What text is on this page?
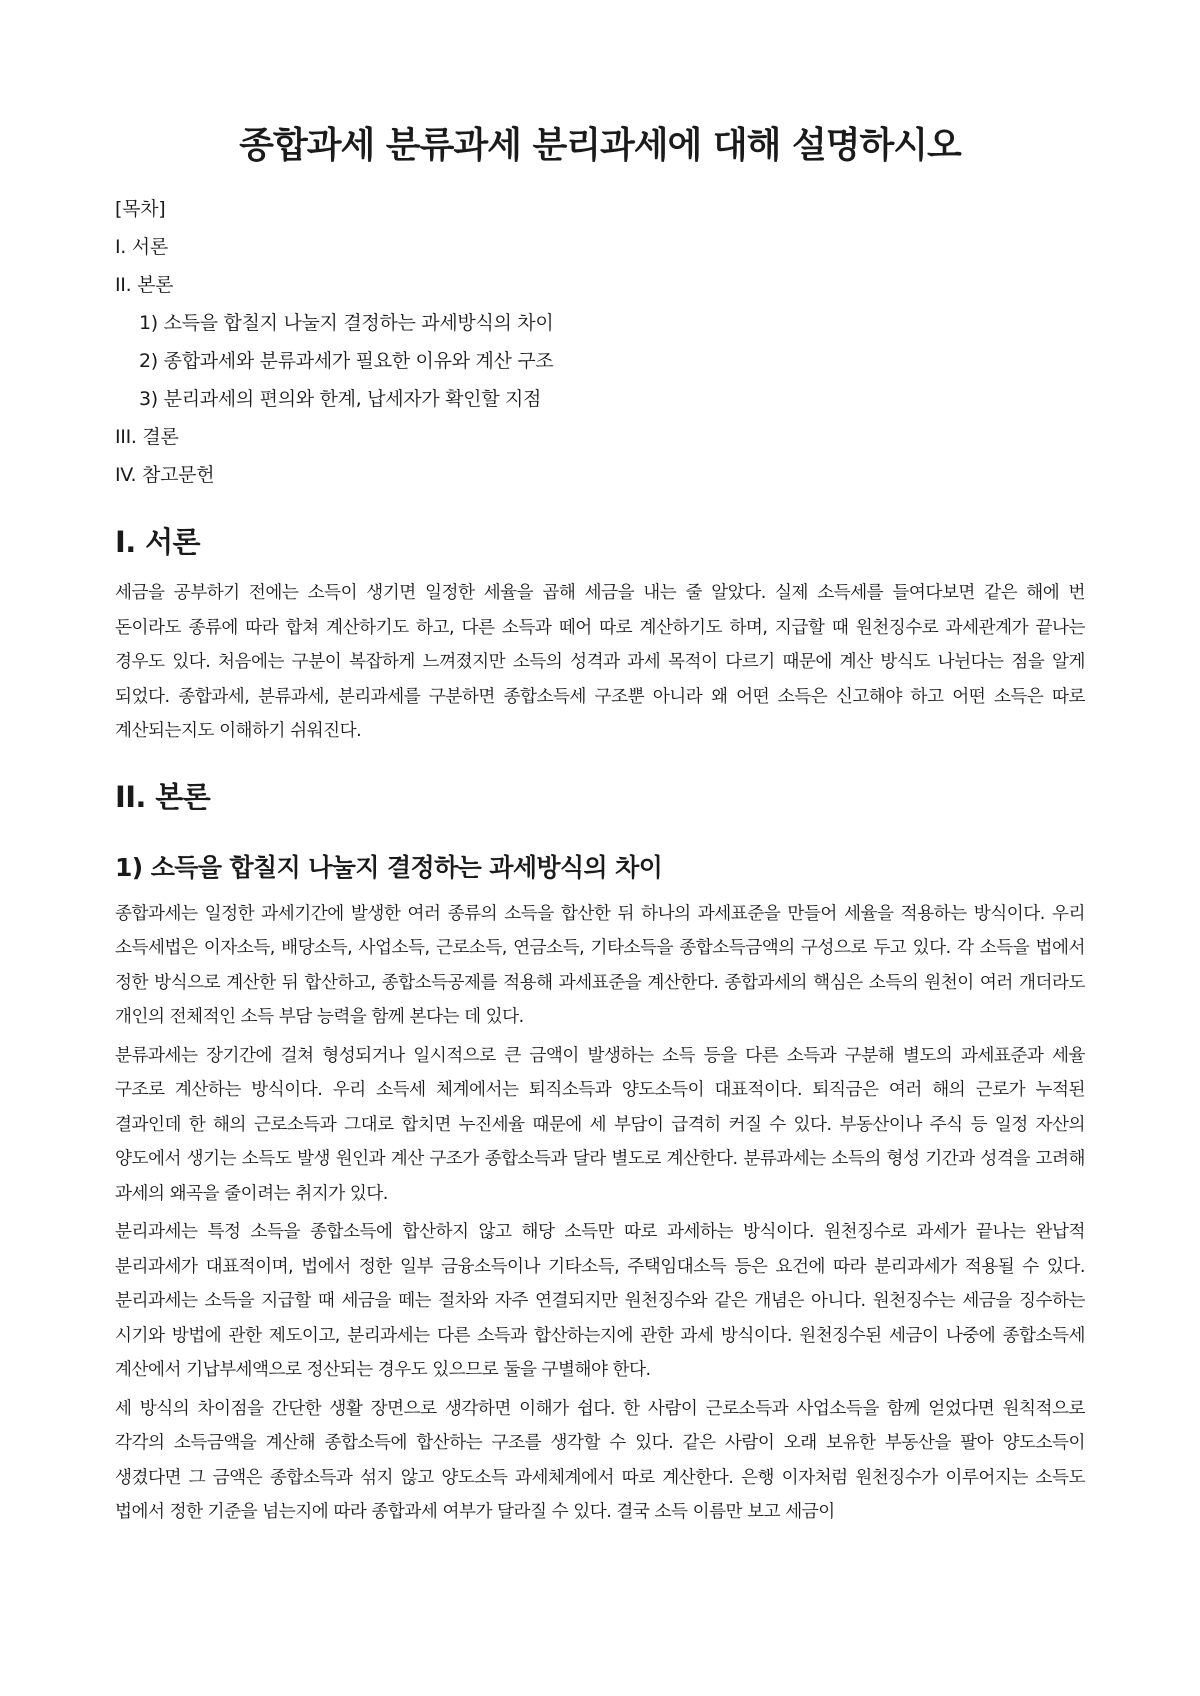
종합과세 분류과세 분리과세에 대해 설명하시오
[목차]
I. 서론
II. 본론
1) 소득을 합칠지 나눌지 결정하는 과세방식의 차이
2) 종합과세와 분류과세가 필요한 이유와 계산 구조
3) 분리과세의 편의와 한계, 납세자가 확인할 지점
III. 결론
IV. 참고문헌
I. 서론

세금을 공부하기 전에는 소득이 생기면 일정한 세율을 곱해 세금을 내는 줄 알았다. 실제 소득세를 들여다보면 같은 해에 번 돈이라도 종류에 따라 합쳐 계산하기도 하고, 다른 소득과 떼어 따로 계산하기도 하며, 지급할 때 원천징수로 과세관계가 끝나는 경우도 있다. 처음에는 구분이 복잡하게 느껴졌지만 소득의 성격과 과세 목적이 다르기 때문에 계산 방식도 나뉜다는 점을 알게 되었다. 종합과세, 분류과세, 분리과세를 구분하면 종합소득세 구조뿐 아니라 왜 어떤 소득은 신고해야 하고 어떤 소득은 따로 계산되는지도 이해하기 쉬워진다.

II. 본론
1) 소득을 합칠지 나눌지 결정하는 과세방식의 차이

종합과세는 일정한 과세기간에 발생한 여러 종류의 소득을 합산한 뒤 하나의 과세표준을 만들어 세율을 적용하는 방식이다. 우리 소득세법은 이자소득, 배당소득, 사업소득, 근로소득, 연금소득, 기타소득을 종합소득금액의 구성으로 두고 있다. 각 소득을 법에서 정한 방식으로 계산한 뒤 합산하고, 종합소득공제를 적용해 과세표준을 계산한다. 종합과세의 핵심은 소득의 원천이 여러 개더라도 개인의 전체적인 소득 부담 능력을 함께 본다는 데 있다.

분류과세는 장기간에 걸쳐 형성되거나 일시적으로 큰 금액이 발생하는 소득 등을 다른 소득과 구분해 별도의 과세표준과 세율 구조로 계산하는 방식이다. 우리 소득세 체계에서는 퇴직소득과 양도소득이 대표적이다. 퇴직금은 여러 해의 근로가 누적된 결과인데 한 해의 근로소득과 그대로 합치면 누진세율 때문에 세 부담이 급격히 커질 수 있다. 부동산이나 주식 등 일정 자산의 양도에서 생기는 소득도 발생 원인과 계산 구조가 종합소득과 달라 별도로 계산한다. 분류과세는 소득의 형성 기간과 성격을 고려해 과세의 왜곡을 줄이려는 취지가 있다.

분리과세는 특정 소득을 종합소득에 합산하지 않고 해당 소득만 따로 과세하는 방식이다. 원천징수로 과세가 끝나는 완납적 분리과세가 대표적이며, 법에서 정한 일부 금융소득이나 기타소득, 주택임대소득 등은 요건에 따라 분리과세가 적용될 수 있다. 분리과세는 소득을 지급할 때 세금을 떼는 절차와 자주 연결되지만 원천징수와 같은 개념은 아니다. 원천징수는 세금을 징수하는 시기와 방법에 관한 제도이고, 분리과세는 다른 소득과 합산하는지에 관한 과세 방식이다. 원천징수된 세금이 나중에 종합소득세 계산에서 기납부세액으로 정산되는 경우도 있으므로 둘을 구별해야 한다.

세 방식의 차이점을 간단한 생활 장면으로 생각하면 이해가 쉽다. 한 사람이 근로소득과 사업소득을 함께 얻었다면 원칙적으로 각각의 소득금액을 계산해 종합소득에 합산하는 구조를 생각할 수 있다. 같은 사람이 오래 보유한 부동산을 팔아 양도소득이 생겼다면 그 금액은 종합소득과 섞지 않고 양도소득 과세체계에서 따로 계산한다. 은행 이자처럼 원천징수가 이루어지는 소득도 법에서 정한 기준을 넘는지에 따라 종합과세 여부가 달라질 수 있다. 결국 소득 이름만 보고 세금이
